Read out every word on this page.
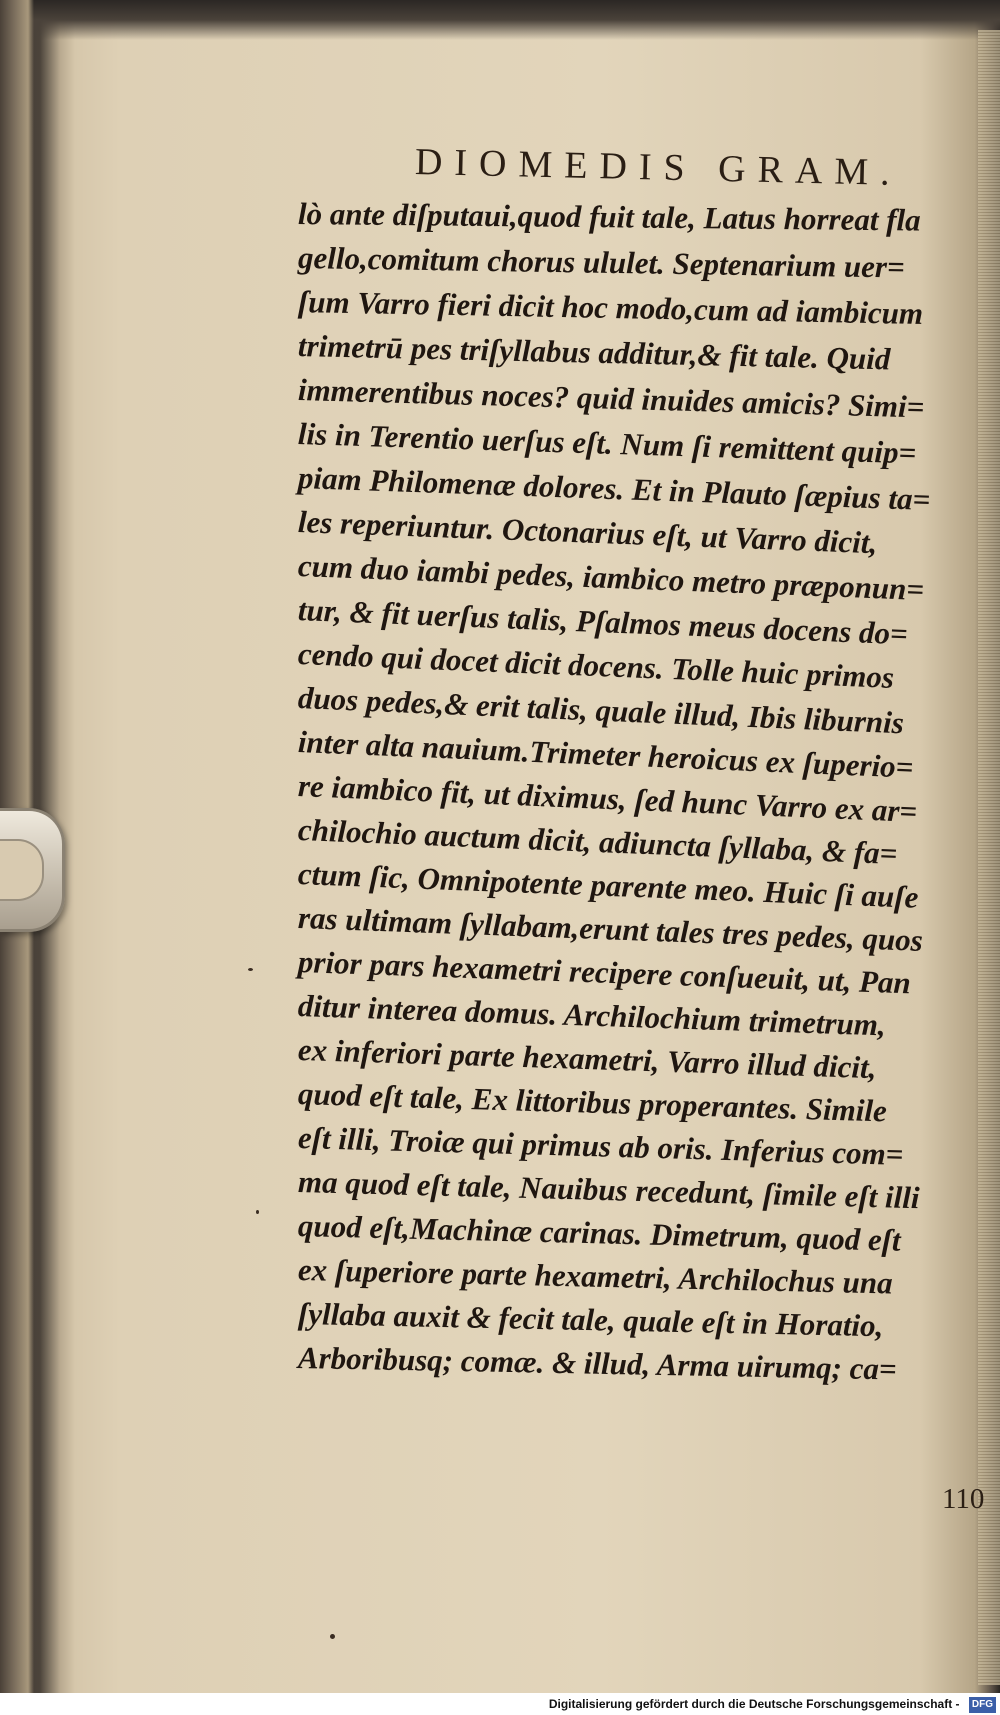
DIOMEDIS GRAM.
lò ante diſputaui,quod fuit tale, Latus horreat fla
gello,comitum chorus ululet. Septenarium uer=
ſum Varro fieri dicit hoc modo,cum ad iambicum
trimetrū pes triſyllabus additur,& fit tale. Quid
immerentibus noces? quid inuides amicis? Simi=
lis in Terentio uerſus eſt. Num ſi remittent quip=
piam Philomenæ dolores. Et in Plauto ſæpius ta=
les reperiuntur. Octonarius eſt, ut Varro dicit,
cum duo iambi pedes, iambico metro præponun=
tur, & fit uerſus talis, Pſalmos meus docens do=
cendo qui docet dicit docens. Tolle huic primos
duos pedes,& erit talis, quale illud, Ibis liburnis
inter alta nauium.Trimeter heroicus ex ſuperio=
re iambico fit, ut diximus, ſed hunc Varro ex ar=
chilochio auctum dicit, adiuncta ſyllaba, & fa=
ctum ſic, Omnipotente parente meo. Huic ſi auſe
ras ultimam ſyllabam,erunt tales tres pedes, quos
prior pars hexametri recipere conſueuit, ut, Pan
ditur interea domus. Archilochium trimetrum,
ex inferiori parte hexametri, Varro illud dicit,
quod eſt tale, Ex littoribus properantes. Simile
eſt illi, Troiæ qui primus ab oris. Inferius com=
ma quod eſt tale, Nauibus recedunt, ſimile eſt illi
quod eſt,Machinæ carinas. Dimetrum, quod eſt
ex ſuperiore parte hexametri, Archilochus una
ſyllaba auxit & fecit tale, quale eſt in Horatio,
Arboribusq; comæ. & illud, Arma uirumq; ca=
110
Digitalisierung gefördert durch die Deutsche Forschungsgemeinschaft - DFG
